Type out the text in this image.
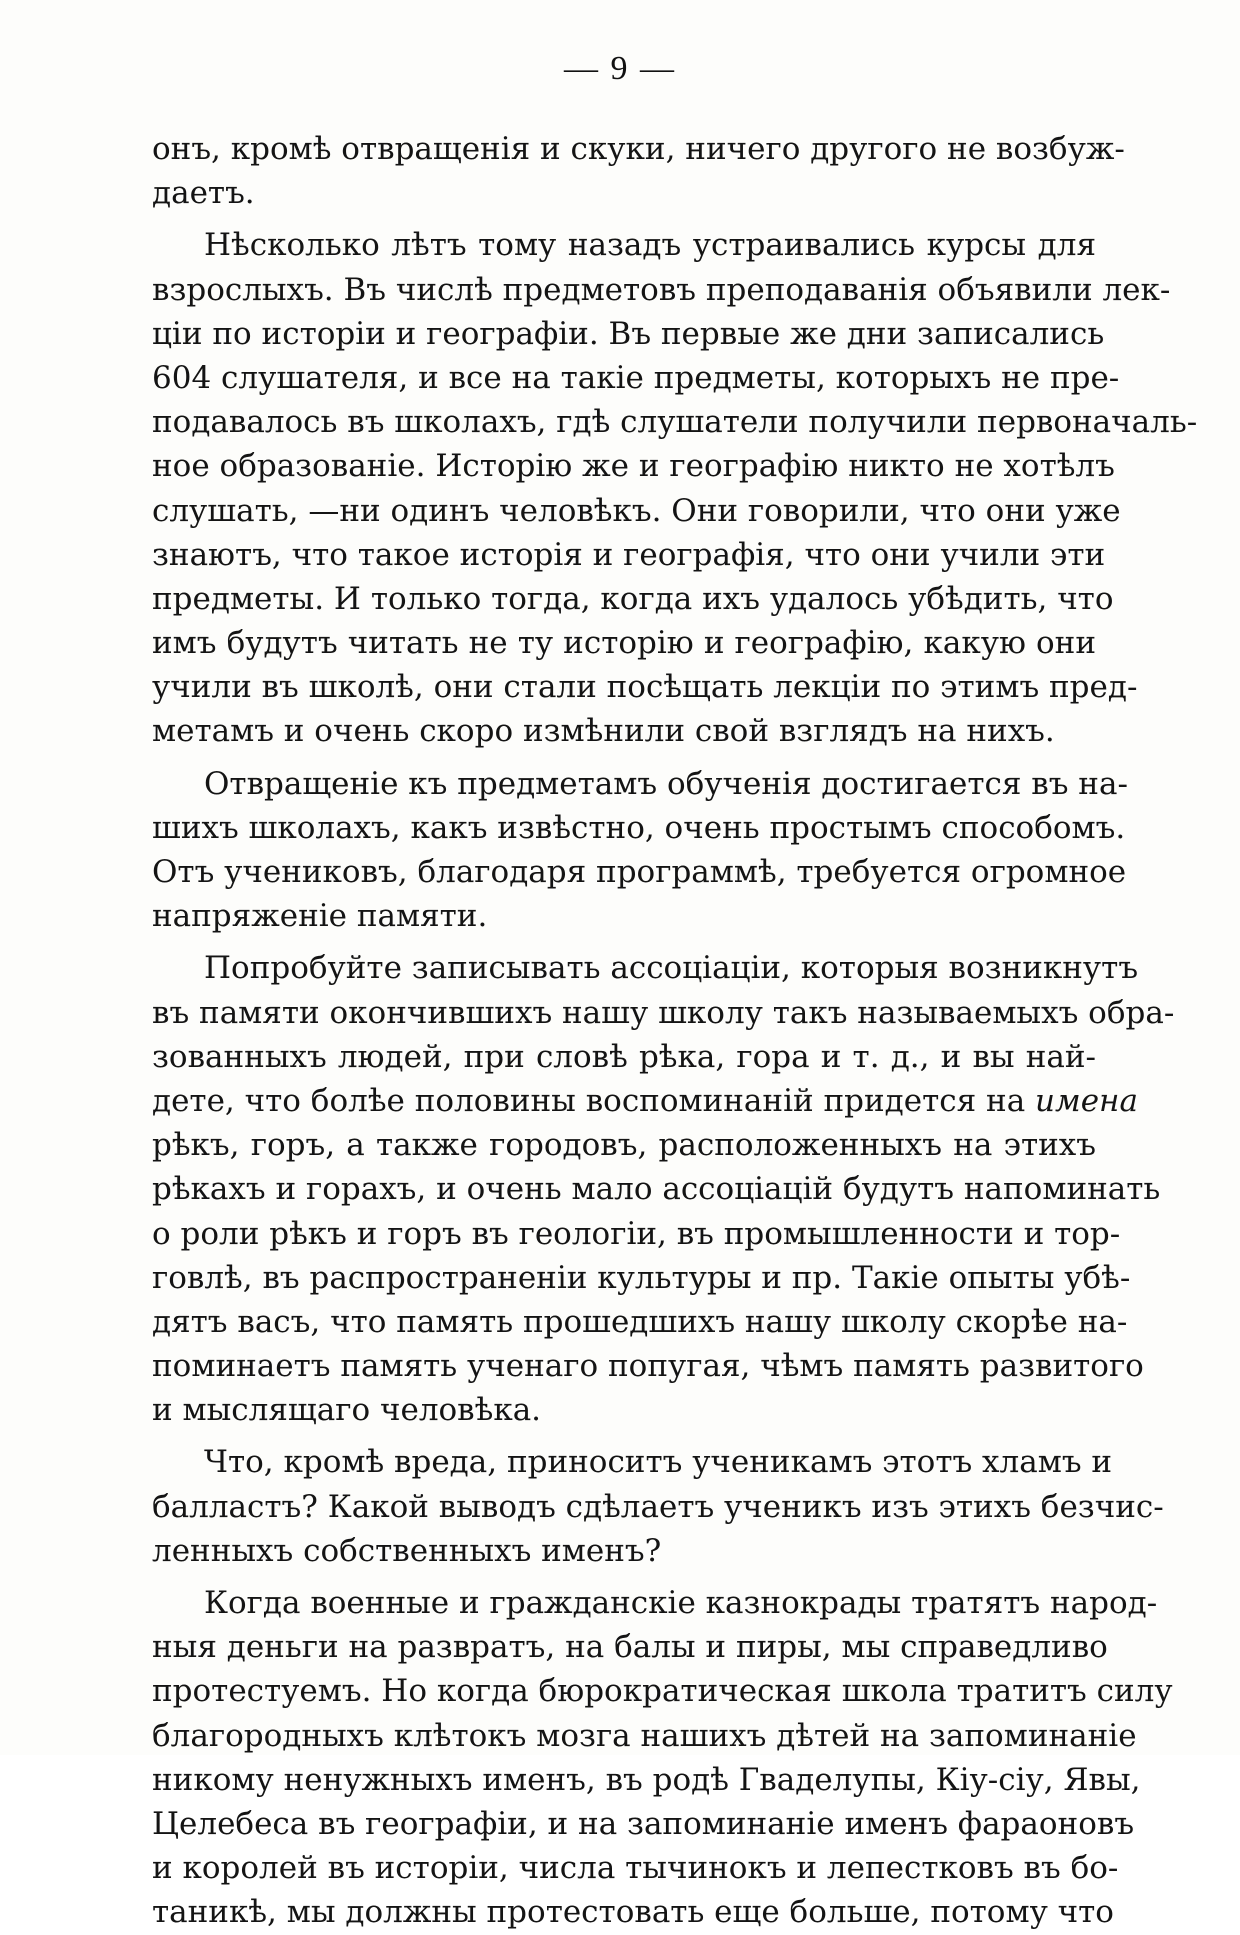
— 9 —
онъ, кромѣ отвращенія и скуки, ничего другого не возбуж-
даетъ.
Нѣсколько лѣтъ тому назадъ устраивались курсы для
взрослыхъ. Въ числѣ предметовъ преподаванія объявили лек-
ціи по исторіи и географіи. Въ первые же дни записались
604 слушателя, и все на такіе предметы, которыхъ не пре-
подавалось въ школахъ, гдѣ слушатели получили первоначаль-
ное образованіе. Исторію же и географію никто не хотѣлъ
слушать, —ни одинъ человѣкъ. Они говорили, что они уже
знаютъ, что такое исторія и географія, что они учили эти
предметы. И только тогда, когда ихъ удалось убѣдить, что
имъ будутъ читать не ту исторію и географію, какую они
учили въ школѣ, они стали посѣщать лекціи по этимъ пред-
метамъ и очень скоро измѣнили свой взглядъ на нихъ.
Отвращеніе къ предметамъ обученія достигается въ на-
шихъ школахъ, какъ извѣстно, очень простымъ способомъ.
Отъ учениковъ, благодаря программѣ, требуется огромное
напряженіе памяти.
Попробуйте записывать ассоціаціи, которыя возникнутъ
въ памяти окончившихъ нашу школу такъ называемыхъ обра-
зованныхъ людей, при словѣ рѣка, гора и т. д., и вы най-
дете, что болѣе половины воспоминаній придется на имена
рѣкъ, горъ, а также городовъ, расположенныхъ на этихъ
рѣкахъ и горахъ, и очень мало ассоціацій будутъ напоминать
о роли рѣкъ и горъ въ геологіи, въ промышленности и тор-
говлѣ, въ распространеніи культуры и пр. Такіе опыты убѣ-
дятъ васъ, что память прошедшихъ нашу школу скорѣе на-
поминаетъ память ученаго попугая, чѣмъ память развитого
и мыслящаго человѣка.
Что, кромѣ вреда, приноситъ ученикамъ этотъ хламъ и
балластъ? Какой выводъ сдѣлаетъ ученикъ изъ этихъ безчис-
ленныхъ собственныхъ именъ?
Когда военные и гражданскіе казнокрады тратятъ народ-
ныя деньги на развратъ, на балы и пиры, мы справедливо
протестуемъ. Но когда бюрократическая школа тратитъ силу
благородныхъ клѣтокъ мозга нашихъ дѣтей на запоминаніе
никому ненужныхъ именъ, въ родѣ Гваделупы, Кіу-сіу, Явы,
Целебеса въ географіи, и на запоминаніе именъ фараоновъ
и королей въ исторіи, числа тычинокъ и лепестковъ въ бо-
таникѣ, мы должны протестовать еще больше, потому что
